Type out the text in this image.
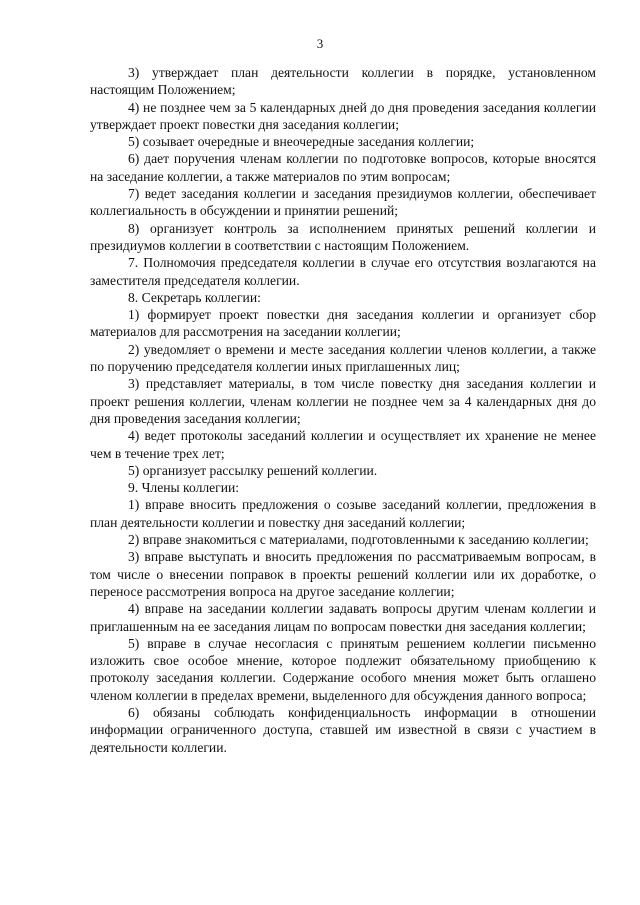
3

3) утверждает план деятельности коллегии в порядке, установленном настоящим Положением;

4) не позднее чем за 5 календарных дней до дня проведения заседания коллегии утверждает проект повестки дня заседания коллегии;

5) созывает очередные и внеочередные заседания коллегии;

6) дает поручения членам коллегии по подготовке вопросов, которые вносятся на заседание коллегии, а также материалов по этим вопросам;

7) ведет заседания коллегии и заседания президиумов коллегии, обеспечивает коллегиальность в обсуждении и принятии решений;

8) организует контроль за исполнением принятых решений коллегии и президиумов коллегии в соответствии с настоящим Положением.

7. Полномочия председателя коллегии в случае его отсутствия возлагаются на заместителя председателя коллегии.

8. Секретарь коллегии:

1) формирует проект повестки дня заседания коллегии и организует сбор материалов для рассмотрения на заседании коллегии;

2) уведомляет о времени и месте заседания коллегии членов коллегии, а также по поручению председателя коллегии иных приглашенных лиц;

3) представляет материалы, в том числе повестку дня заседания коллегии и проект решения коллегии, членам коллегии не позднее чем за 4 календарных дня до дня проведения заседания коллегии;

4) ведет протоколы заседаний коллегии и осуществляет их хранение не менее чем в течение трех лет;

5) организует рассылку решений коллегии.

9. Члены коллегии:

1) вправе вносить предложения о созыве заседаний коллегии, предложения в план деятельности коллегии и повестку дня заседаний коллегии;

2) вправе знакомиться с материалами, подготовленными к заседанию коллегии;

3) вправе выступать и вносить предложения по рассматриваемым вопросам, в том числе о внесении поправок в проекты решений коллегии или их доработке, о переносе рассмотрения вопроса на другое заседание коллегии;

4) вправе на заседании коллегии задавать вопросы другим членам коллегии и приглашенным на ее заседания лицам по вопросам повестки дня заседания коллегии;

5) вправе в случае несогласия с принятым решением коллегии письменно изложить свое особое мнение, которое подлежит обязательному приобщению к протоколу заседания коллегии. Содержание особого мнения может быть оглашено членом коллегии в пределах времени, выделенного для обсуждения данного вопроса;

6) обязаны соблюдать конфиденциальность информации в отношении информации ограниченного доступа, ставшей им известной в связи с участием в деятельности коллегии.
